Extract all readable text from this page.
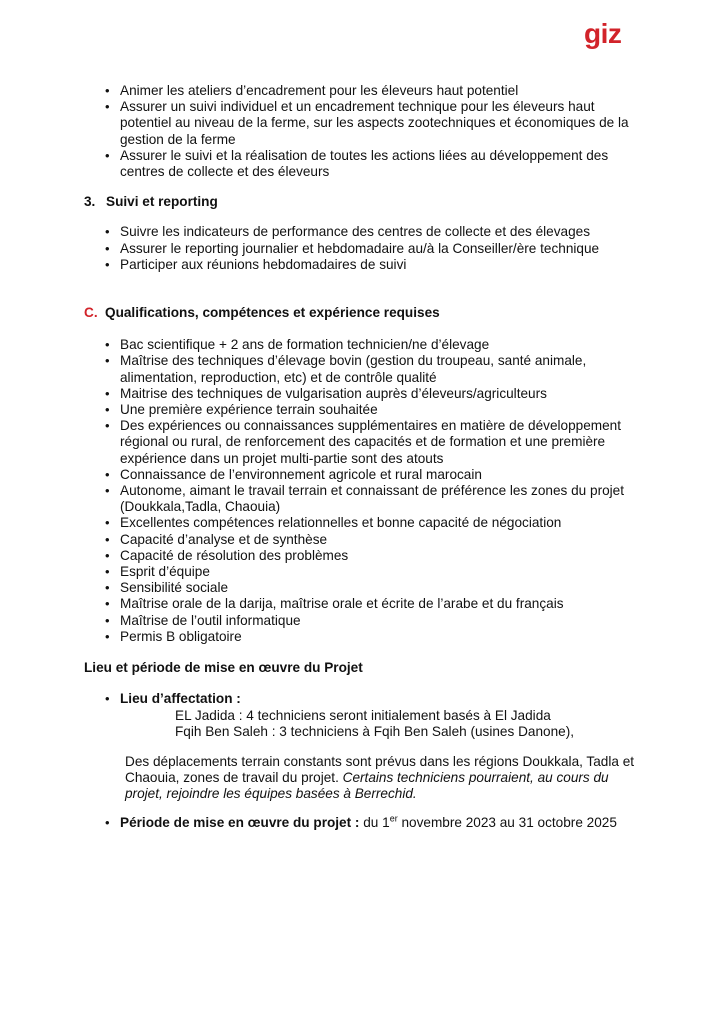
giz
• Animer les ateliers d’encadrement pour les éleveurs haut potentiel
• Assurer un suivi individuel et un encadrement technique pour les éleveurs haut potentiel au niveau de la ferme, sur les aspects zootechniques et économiques de la gestion de la ferme
• Assurer le suivi et la réalisation de toutes les actions liées au développement des centres de collecte et des éleveurs
3. Suivi et reporting
• Suivre les indicateurs de performance des centres de collecte et des élevages
• Assurer le reporting journalier et hebdomadaire au/à la Conseiller/ère technique
• Participer aux réunions hebdomadaires de suivi
C. Qualifications, compétences et expérience requises
• Bac scientifique + 2 ans de formation technicien/ne d’élevage
• Maîtrise des techniques d’élevage bovin (gestion du troupeau, santé animale, alimentation, reproduction, etc) et de contrôle qualité
• Maitrise des techniques de vulgarisation auprès d’éleveurs/agriculteurs
• Une première expérience terrain souhaitée
• Des expériences ou connaissances supplémentaires en matière de développement régional ou rural, de renforcement des capacités et de formation et une première expérience dans un projet multi-partie sont des atouts
• Connaissance de l’environnement agricole et rural marocain
• Autonome, aimant le travail terrain et connaissant de préférence les zones du projet (Doukkala,Tadla, Chaouia)
• Excellentes compétences relationnelles et bonne capacité de négociation
• Capacité d’analyse et de synthèse
• Capacité de résolution des problèmes
• Esprit d’équipe
• Sensibilité sociale
• Maîtrise orale de la darija, maîtrise orale et écrite de l’arabe et du français
• Maîtrise de l’outil informatique
• Permis B obligatoire
Lieu et période de mise en œuvre du Projet
• Lieu d’affectation :
EL Jadida : 4 techniciens seront initialement basés à El Jadida
Fqih Ben Saleh : 3 techniciens à Fqih Ben Saleh (usines Danone),
Des déplacements terrain constants sont prévus dans les régions Doukkala, Tadla et Chaouia, zones de travail du projet. Certains techniciens pourraient, au cours du projet, rejoindre les équipes basées à Berrechid.
• Période de mise en œuvre du projet : du 1er novembre 2023 au 31 octobre 2025
